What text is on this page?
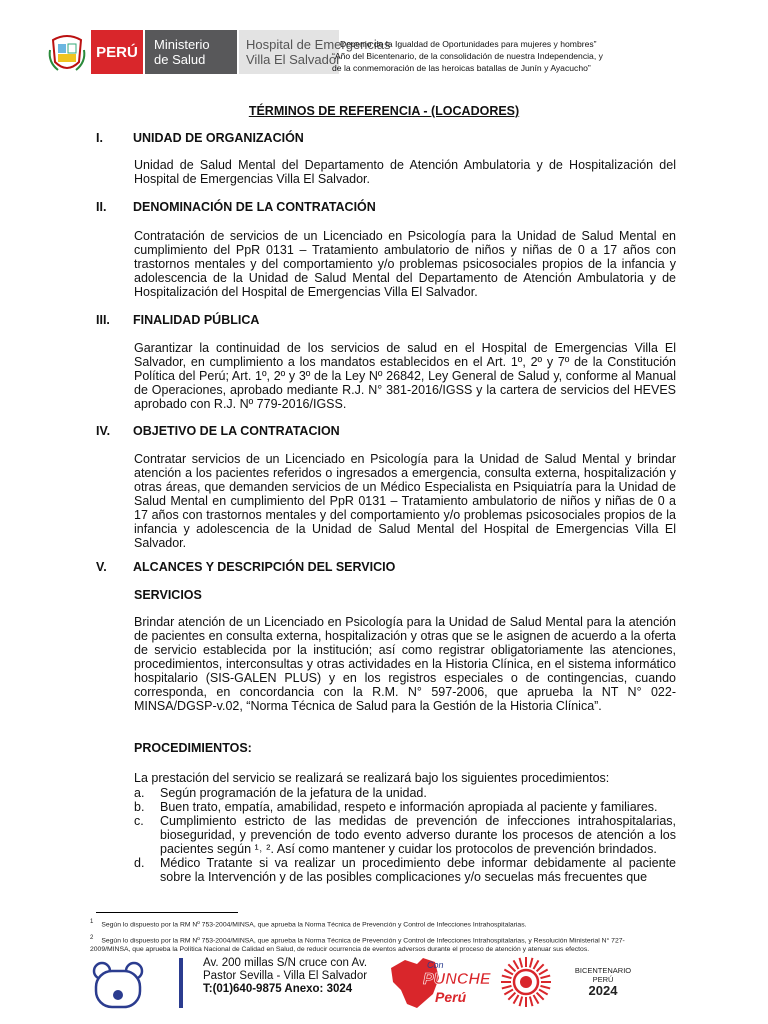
PERÚ Ministerio
de Salud
Hospital de Emergencias
Villa El Salvador
Decenio de la Igualdad de Oportunidades para mujeres y hombres”
“Año del Bicentenario, de la consolidación de nuestra Independencia, y
de la conmemoración de las heroicas batallas de Junín y Ayacucho”
TÉRMINOS DE REFERENCIA - (LOCADORES)
I. UNIDAD DE ORGANIZACIÓN
Unidad de Salud Mental del Departamento de Atención Ambulatoria y de Hospitalización del Hospital de Emergencias Villa El Salvador.
II. DENOMINACIÓN DE LA CONTRATACIÓN
Contratación de servicios de un Licenciado en Psicología para la Unidad de Salud Mental en cumplimiento del PpR 0131 – Tratamiento ambulatorio de niños y niñas de 0 a 17 años con trastornos mentales y del comportamiento y/o problemas psicosociales propios de la infancia y adolescencia de la Unidad de Salud Mental del Departamento de Atención Ambulatoria y de Hospitalización del Hospital de Emergencias Villa El Salvador.
III. FINALIDAD PÚBLICA
Garantizar la continuidad de los servicios de salud en el Hospital de Emergencias Villa El Salvador, en cumplimiento a los mandatos establecidos en el Art. 1º, 2º y 7º de la Constitución Política del Perú; Art. 1º, 2º y 3º de la Ley Nº 26842, Ley General de Salud y, conforme al Manual de Operaciones, aprobado mediante R.J. N° 381-2016/IGSS y la cartera de servicios del HEVES aprobado con R.J. Nº 779-2016/IGSS.
IV. OBJETIVO DE LA CONTRATACION
Contratar servicios de un Licenciado en Psicología para la Unidad de Salud Mental y brindar atención a los pacientes referidos o ingresados a emergencia, consulta externa, hospitalización y otras áreas, que demanden servicios de un Médico Especialista en Psiquiatría para la Unidad de Salud Mental en cumplimiento del PpR 0131 – Tratamiento ambulatorio de niños y niñas de 0 a 17 años con trastornos mentales y del comportamiento y/o problemas psicosociales propios de la infancia y adolescencia de la Unidad de Salud Mental del Hospital de Emergencias Villa El Salvador.
V. ALCANCES Y DESCRIPCIÓN DEL SERVICIO
SERVICIOS
Brindar atención de un Licenciado en Psicología para la Unidad de Salud Mental para la atención de pacientes en consulta externa, hospitalización y otras que se le asignen de acuerdo a la oferta de servicio establecida por la institución; así como registrar obligatoriamente las atenciones, procedimientos, interconsultas y otras actividades en la Historia Clínica, en el sistema informático hospitalario (SIS-GALEN PLUS) y en los registros especiales o de contingencias, cuando corresponda, en concordancia con la R.M. N° 597-2006, que aprueba la NT N° 022-MINSA/DGSP-v.02, “Norma Técnica de Salud para la Gestión de la Historia Clínica”.
PROCEDIMIENTOS:
La prestación del servicio se realizará se realizará bajo los siguientes procedimientos:
a.	Según programación de la jefatura de la unidad.
b.	Buen trato, empatía, amabilidad, respeto e información apropiada al paciente y familiares.
c.	Cumplimiento estricto de las medidas de prevención de infecciones intrahospitalarias, bioseguridad, y prevención de todo evento adverso durante los procesos de atención a los pacientes según ¹˒ ². Así como mantener y cuidar los protocolos de prevención brindados.
d.	Médico Tratante si va realizar un procedimiento debe informar debidamente al paciente sobre la Intervención y de las posibles complicaciones y/o secuelas más frecuentes que
$^1$ Según lo dispuesto por la RM Nº 753-2004/MINSA, que aprueba la Norma Técnica de Prevención y Control de Infecciones Intrahospitalarias.
$^2$ Según lo dispuesto por la RM Nº 753-2004/MINSA, que aprueba la Norma Técnica de Prevención y Control de Infecciones Intrahospitalarias, y Resolución Ministerial N° 727-
2009/MINSA, que aprueba la Política Nacional de Calidad en Salud, de reducir ocurrencia de eventos adversos durante el proceso de atención y atenuar sus efectos.
Av. 200 millas S/N cruce con Av.
Pastor Sevilla - Villa El Salvador
T:(01)640-9875 Anexo: 3024
Con
PUNCHE
Perú
BICENTENARIO
PERÚ
2024
